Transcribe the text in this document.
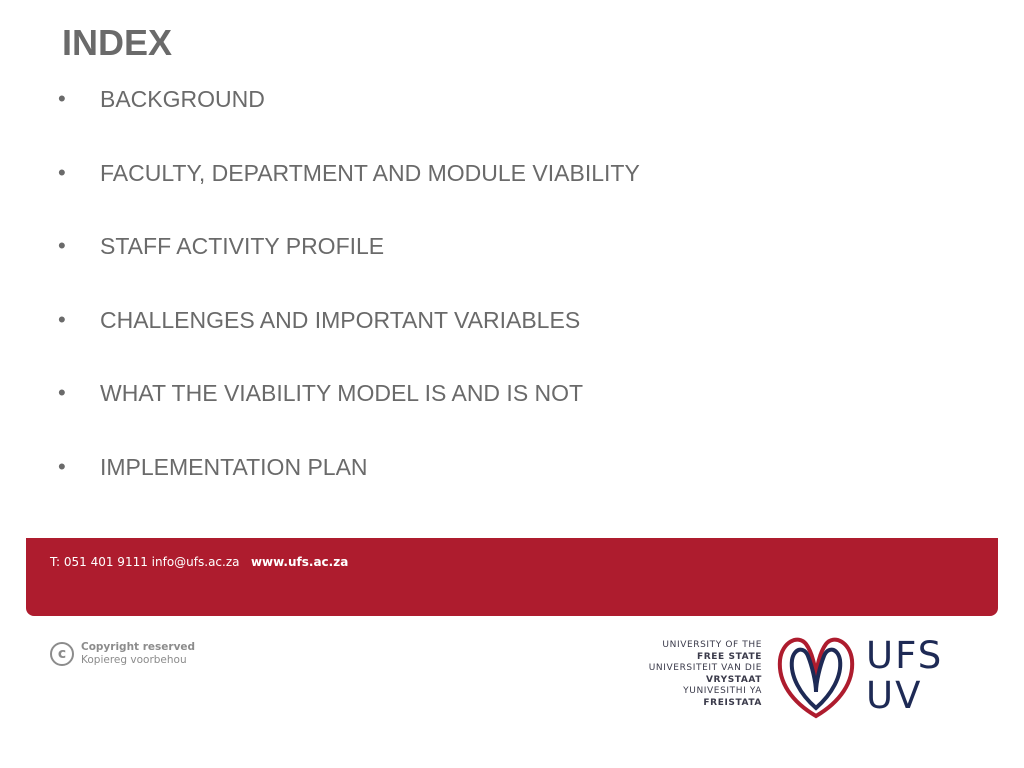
INDEX
•	BACKGROUND
•	FACULTY, DEPARTMENT AND MODULE VIABILITY
•	STAFF ACTIVITY PROFILE
•	CHALLENGES AND IMPORTANT VARIABLES
•	WHAT THE VIABILITY MODEL IS AND IS NOT
•	IMPLEMENTATION PLAN
T: 051 401 9111 info@ufs.ac.za www.ufs.ac.za
c	Copyright reserved
Kopiereg voorbehou
UNIVERSITY OF THE
FREE STATE
UNIVERSITEIT VAN DIE
VRYSTAAT
YUNIVESITHI YA
FREISTATA
UFS
UV
